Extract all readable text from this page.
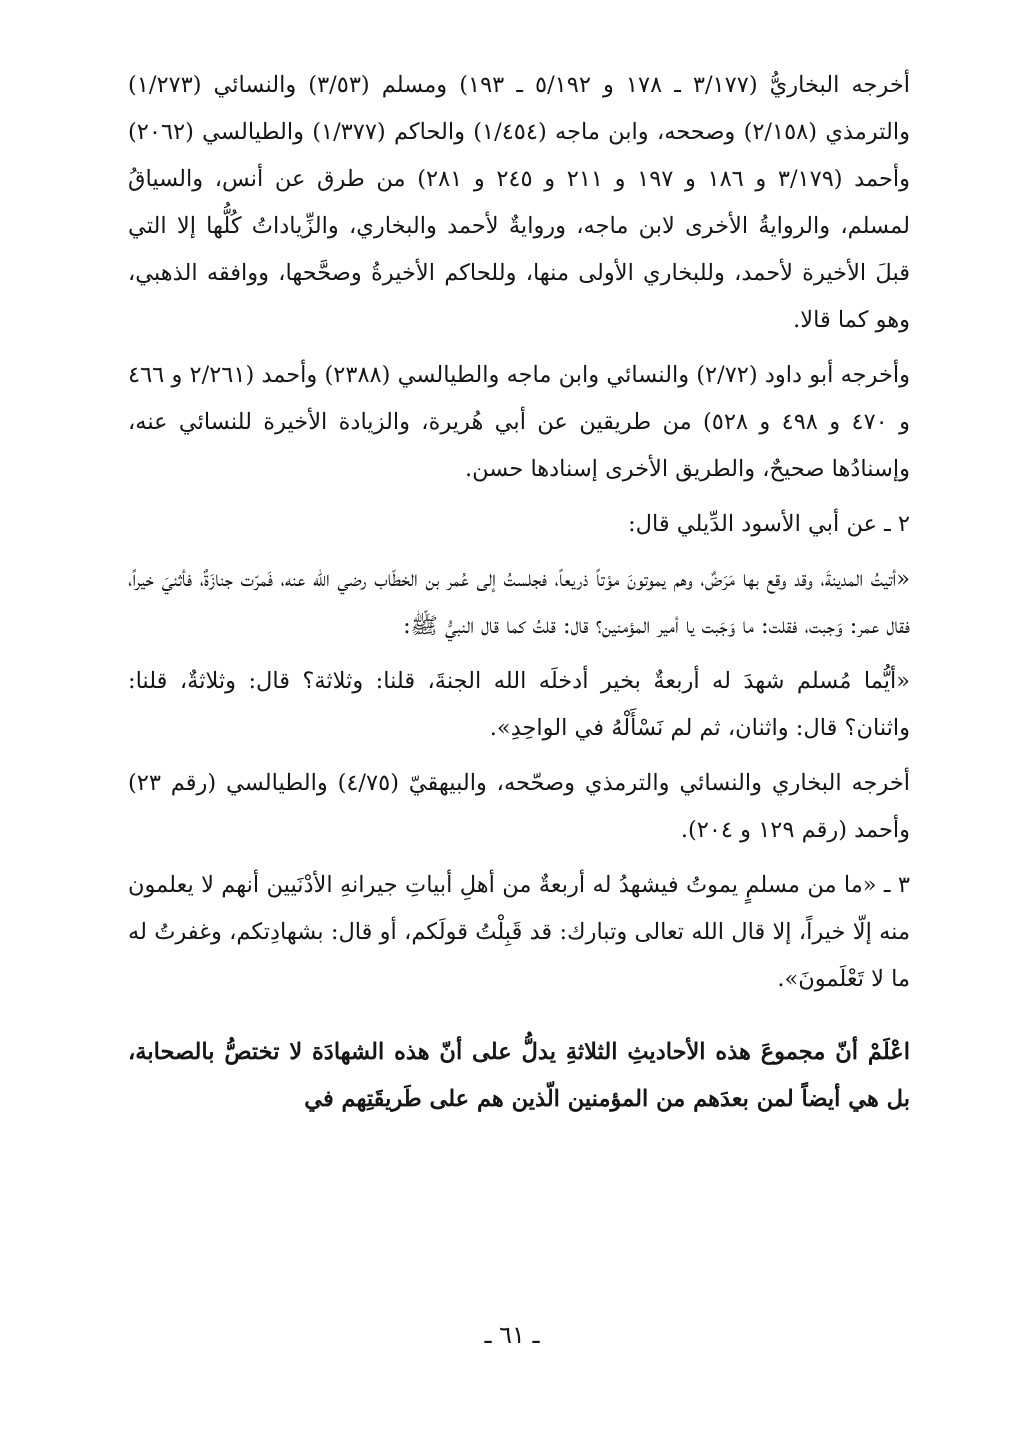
أخرجه البخاريُّ (٣/١٧٧ ـ ١٧٨ و ٥/١٩٢ ـ ١٩٣) ومسلم (٣/٥٣) والنسائي (١/٢٧٣) والترمذي (٢/١٥٨) وصححه، وابن ماجه (١/٤٥٤) والحاكم (١/٣٧٧) والطيالسي (٢٠٦٢) وأحمد (٣/١٧٩ و ١٨٦ و ١٩٧ و ٢١١ و ٢٤٥ و ٢٨١) من طرق عن أنس، والسياقُ لمسلم، والروايةُ الأخرى لابن ماجه، وروايةٌ لأحمد والبخاري، والزِّياداتُ كُلُّها إلا التي قبلَ الأخيرة لأحمد، وللبخاري الأولى منها، وللحاكم الأخيرةُ وصحَّحها، ووافقه الذهبي، وهو كما قالا.

وأخرجه أبو داود (٢/٧٢) والنسائي وابن ماجه والطيالسي (٢٣٨٨) وأحمد (٢/٢٦١ و ٤٦٦ و ٤٧٠ و ٤٩٨ و ٥٢٨) من طريقين عن أبي هُريرة، والزيادة الأخيرة للنسائي عنه، وإسنادُها صحيحٌ، والطريق الأخرى إسنادها حسن.

٢ ـ عن أبي الأسود الدِّيلي قال:

«أتيتُ المدينةَ، وقد وقع بها مَرَضٌ، وهم يموتونَ موْتاً ذريعاً، فجلستُ إلى عُمر بن الخطّاب رضي الله عنه، فَمرّت جنازَةٌ، فأثنيَ خيراً، فقال عمر: وَجبت، فقلت: ما وَجَبت يا أمير المؤمنين؟ قال: قلتُ كما قال النبيُّ ﷺ:

«أيُّما مُسلم شهدَ له أربعةٌ بخير أدخلَه الله الجنةَ، قلنا: وثلاثة؟ قال: وثلاثةٌ، قلنا: واثنان؟ قال: واثنان، ثم لم نَسْأَلْهُ في الواحِدِ».

أخرجه البخاري والنسائي والترمذي وصحّحه، والبيهقيّ (٤/٧٥) والطيالسي (رقم ٢٣) وأحمد (رقم ١٢٩ و ٢٠٤).

٣ ـ «ما من مسلمٍ يموتُ فيشهدُ له أربعةٌ من أهلِ أبياتِ جيرانهِ الأدْنَيين أنهم لا يعلمون منه إلّا خيراً، إلا قال الله تعالى وتبارك: قد قَبِلْتُ قولَكم، أو قال: بشهادِتكم، وغفرتُ له ما لا تَعْلَمونَ».

اعْلَمْ أنّ مجموعَ هذه الأحاديثِ الثلاثةِ يدلُّ على أنّ هذه الشهادَة لا تختصُّ بالصحابة، بل هي أيضاً لمن بعدَهم من المؤمنين الّذين هم على طَريقَتِهم في

ـ ٦١ ـ
